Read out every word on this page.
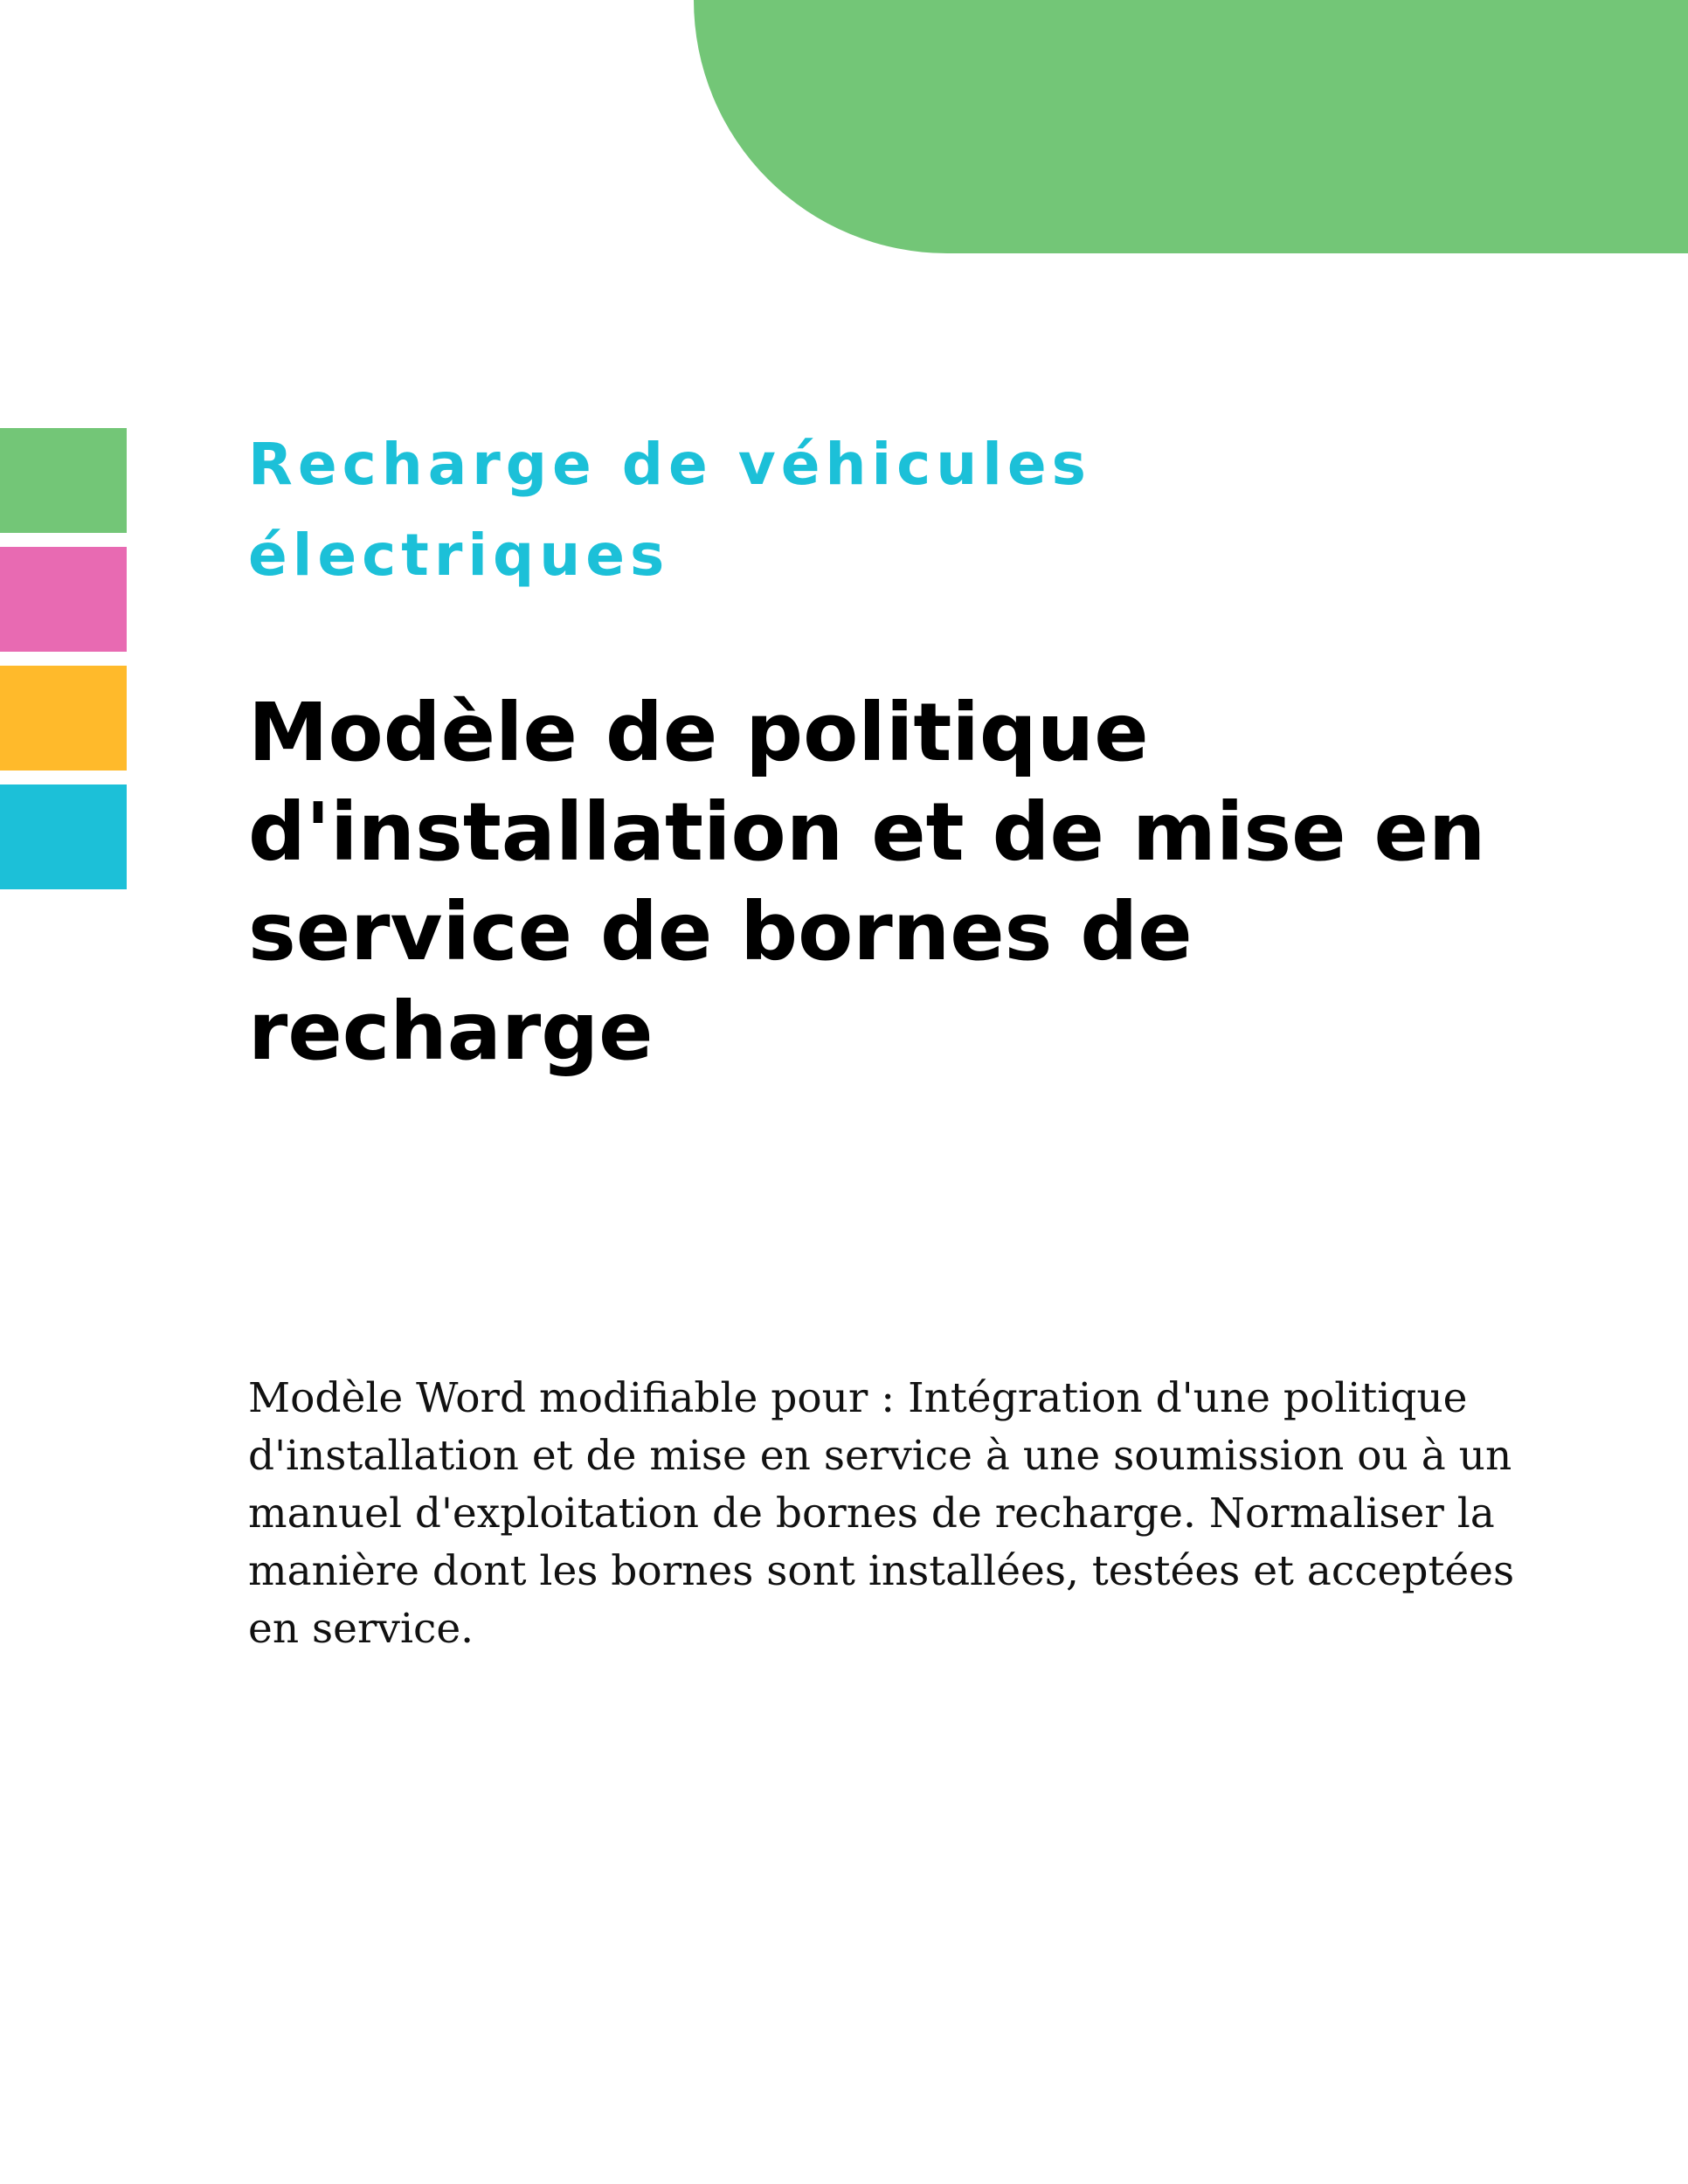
Recharge de véhicules électriques

Modèle de politique d'installation et de mise en service de bornes de recharge

Modèle Word modifiable pour : Intégration d'une politique d'installation et de mise en service à une soumission ou à un manuel d'exploitation de bornes de recharge. Normaliser la manière dont les bornes sont installées, testées et acceptées en service.
